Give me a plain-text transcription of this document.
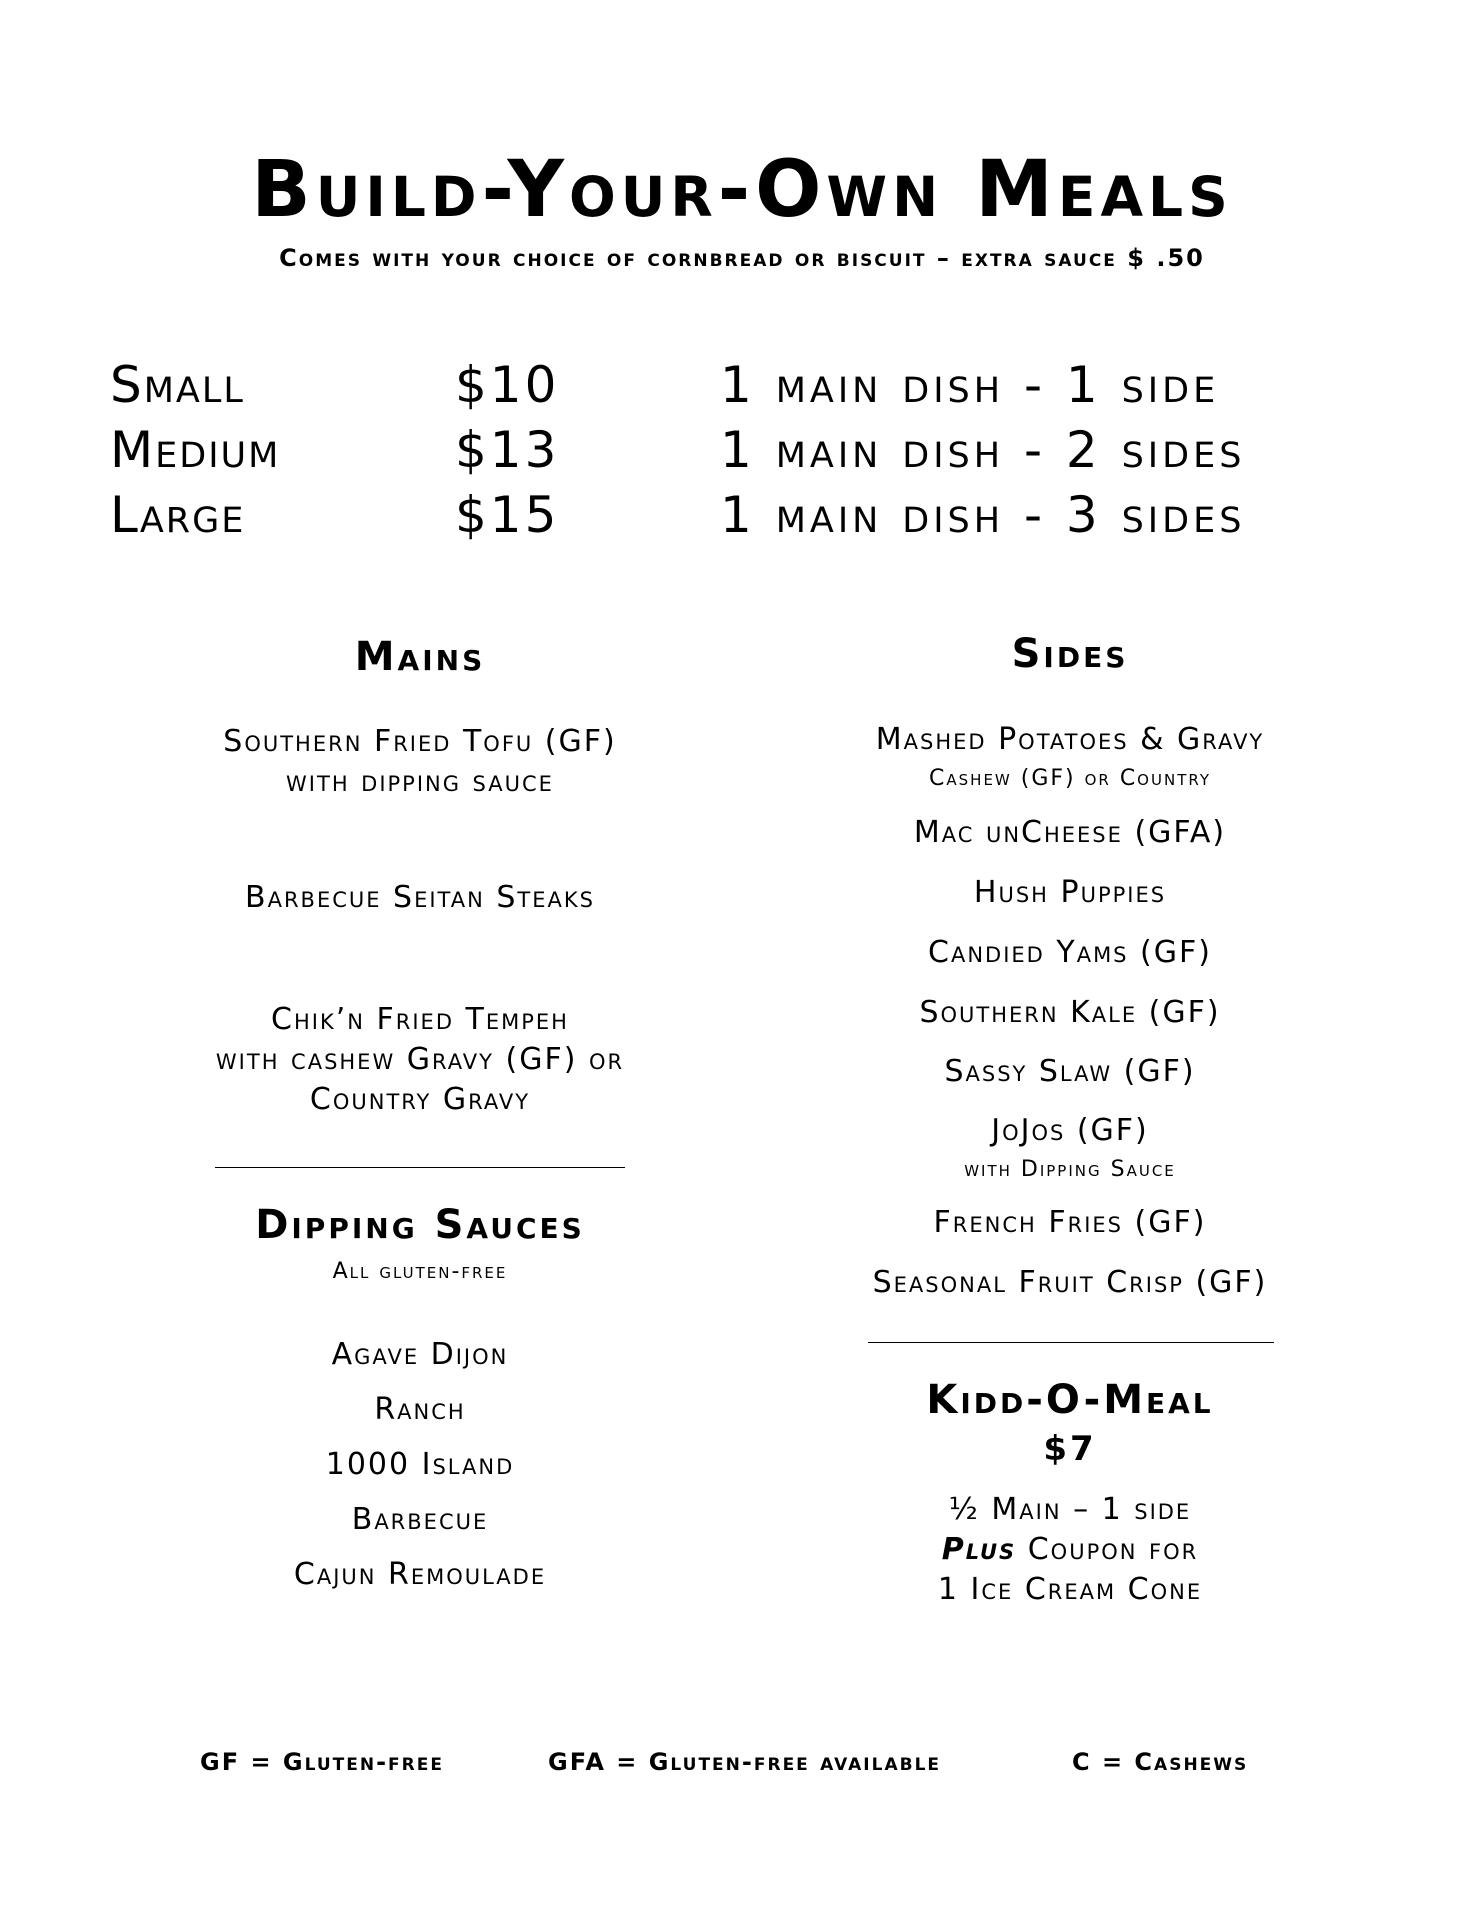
Build-Your-Own Meals
Comes with your choice of cornbread or biscuit – extra sauce $ .50
Small	$10	1 main dish - 1 side
Medium	$13	1 main dish - 2 sides
Large	$15	1 main dish - 3 sides
Mains
Southern Fried Tofu (GF)
with dipping sauce
Barbecue Seitan Steaks
Chik’n Fried Tempeh
with cashew Gravy (GF) or
Country Gravy
Dipping Sauces
All gluten-free
Agave Dijon
Ranch
1000 Island
Barbecue
Cajun Remoulade
Sides
Mashed Potatoes & Gravy
Cashew (GF) or Country
Mac unCheese (GFA)
Hush Puppies
Candied Yams (GF)
Southern Kale (GF)
Sassy Slaw (GF)
JoJos (GF)
with Dipping Sauce
French Fries (GF)
Seasonal Fruit Crisp (GF)
Kidd-O-Meal
$7
½ Main – 1 side
Plus Coupon for
1 Ice Cream Cone
GF = Gluten-free	GFA = Gluten-free available	C = Cashews
